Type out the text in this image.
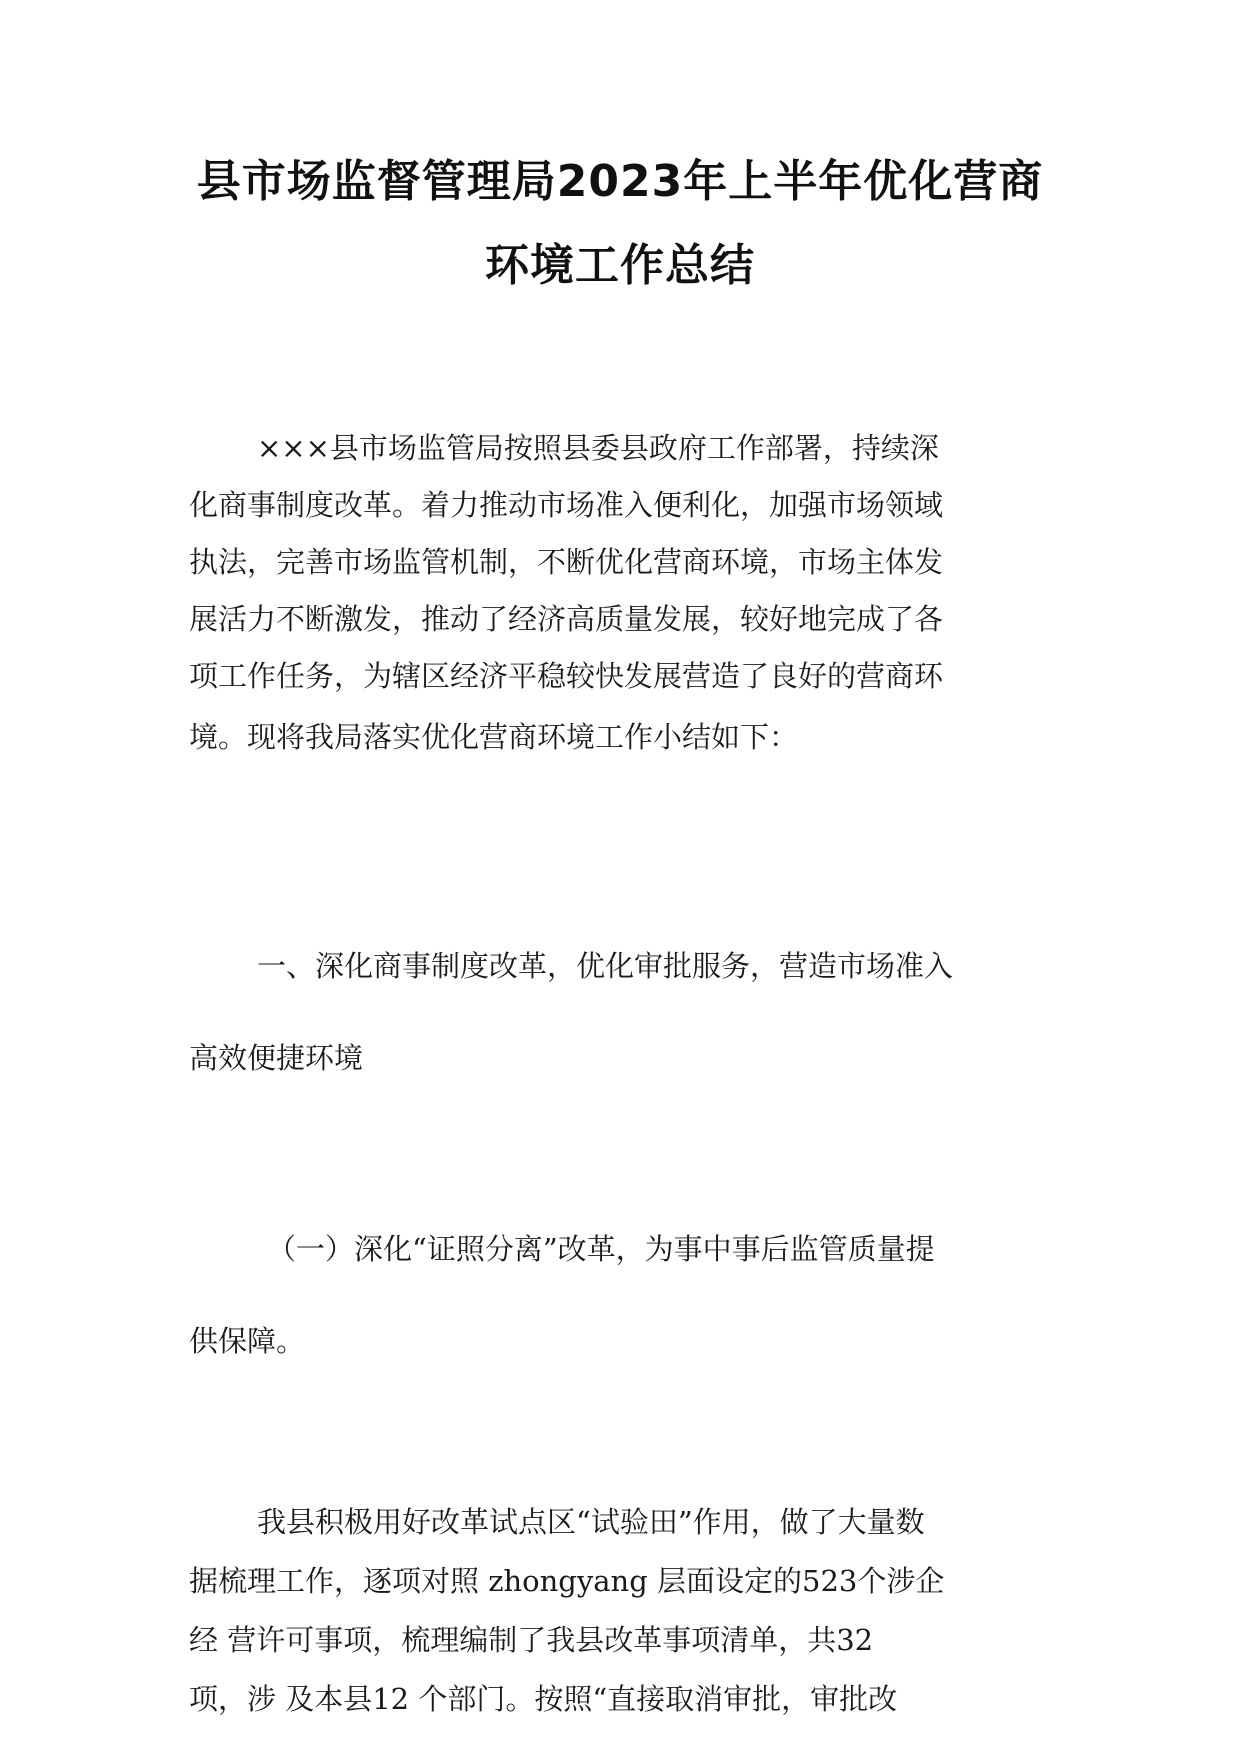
县市场监督管理局2023年上半年优化营商
环境工作总结
×××县市场监管局按照县委县政府工作部署，持续深
化商事制度改革。着力推动市场准入便利化，加强市场领域
执法，完善市场监管机制，不断优化营商环境，市场主体发
展活力不断激发，推动了经济高质量发展，较好地完成了各
项工作任务，为辖区经济平稳较快发展营造了良好的营商环
境。现将我局落实优化营商环境工作小结如下：
一、深化商事制度改革，优化审批服务，营造市场准入
高效便捷环境
（一）深化“证照分离”改革，为事中事后监管质量提
供保障。
我县积极用好改革试点区“试验田”作用，做了大量数
据梳理工作，逐项对照 zhongyang 层面设定的523个涉企
经 营许可事项，梳理编制了我县改革事项清单，共32
项，涉 及本县12 个部门。按照“直接取消审批，审批改
